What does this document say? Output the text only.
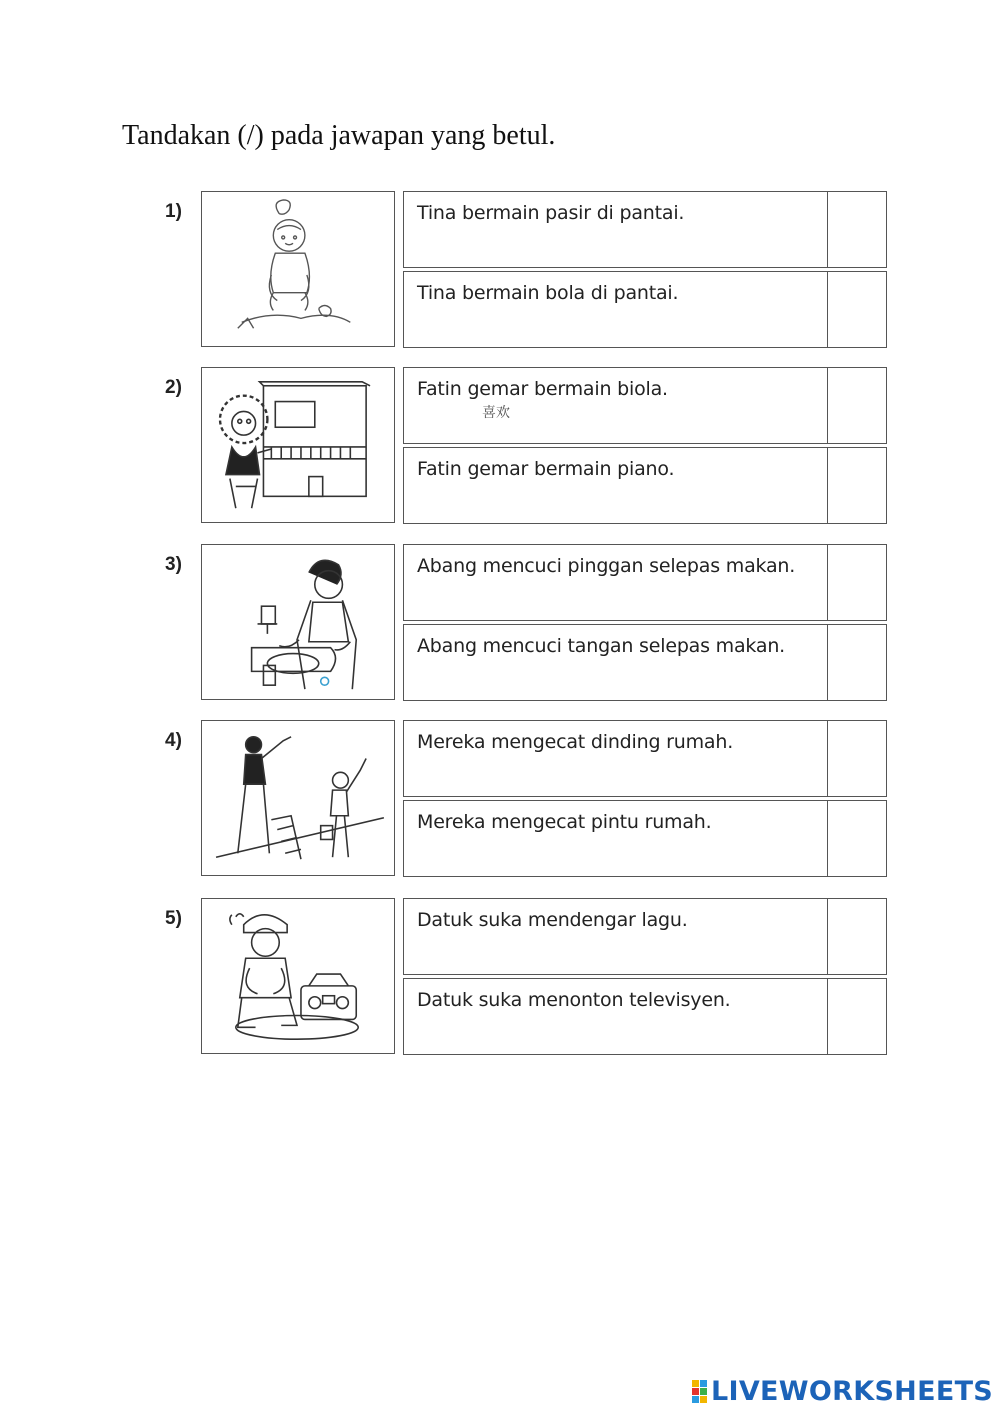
Tandakan (/) pada jawapan yang betul.
1)	Tina bermain pasir di pantai.
Tina bermain bola di pantai.
2)	Fatin gemar bermain biola.
喜欢
Fatin gemar bermain piano.
3)	Abang mencuci pinggan selepas makan.
Abang mencuci tangan selepas makan.
4)	Mereka mengecat dinding rumah.
Mereka mengecat pintu rumah.
5)	Datuk suka mendengar lagu.
Datuk suka menonton televisyen.
LIVEWORKSHEETS
